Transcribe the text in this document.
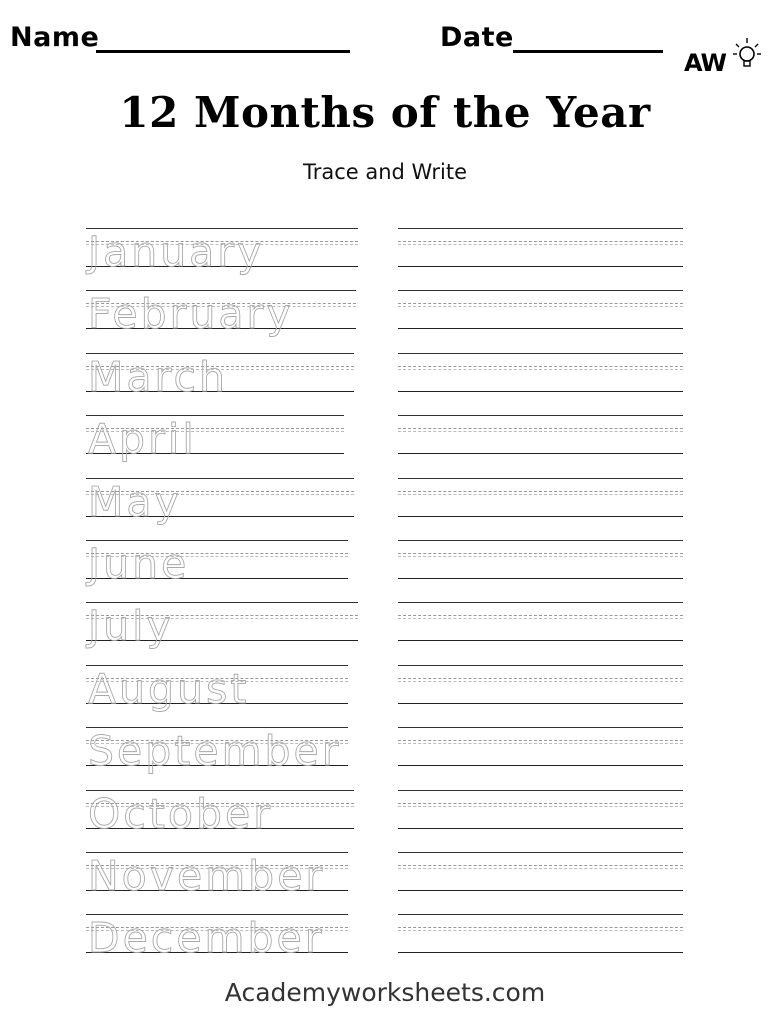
Name	Date
AW
12 Months of the Year
Trace and Write
January
February
March
April
May
June
July
August
September
October
November
December
Academyworksheets.com
